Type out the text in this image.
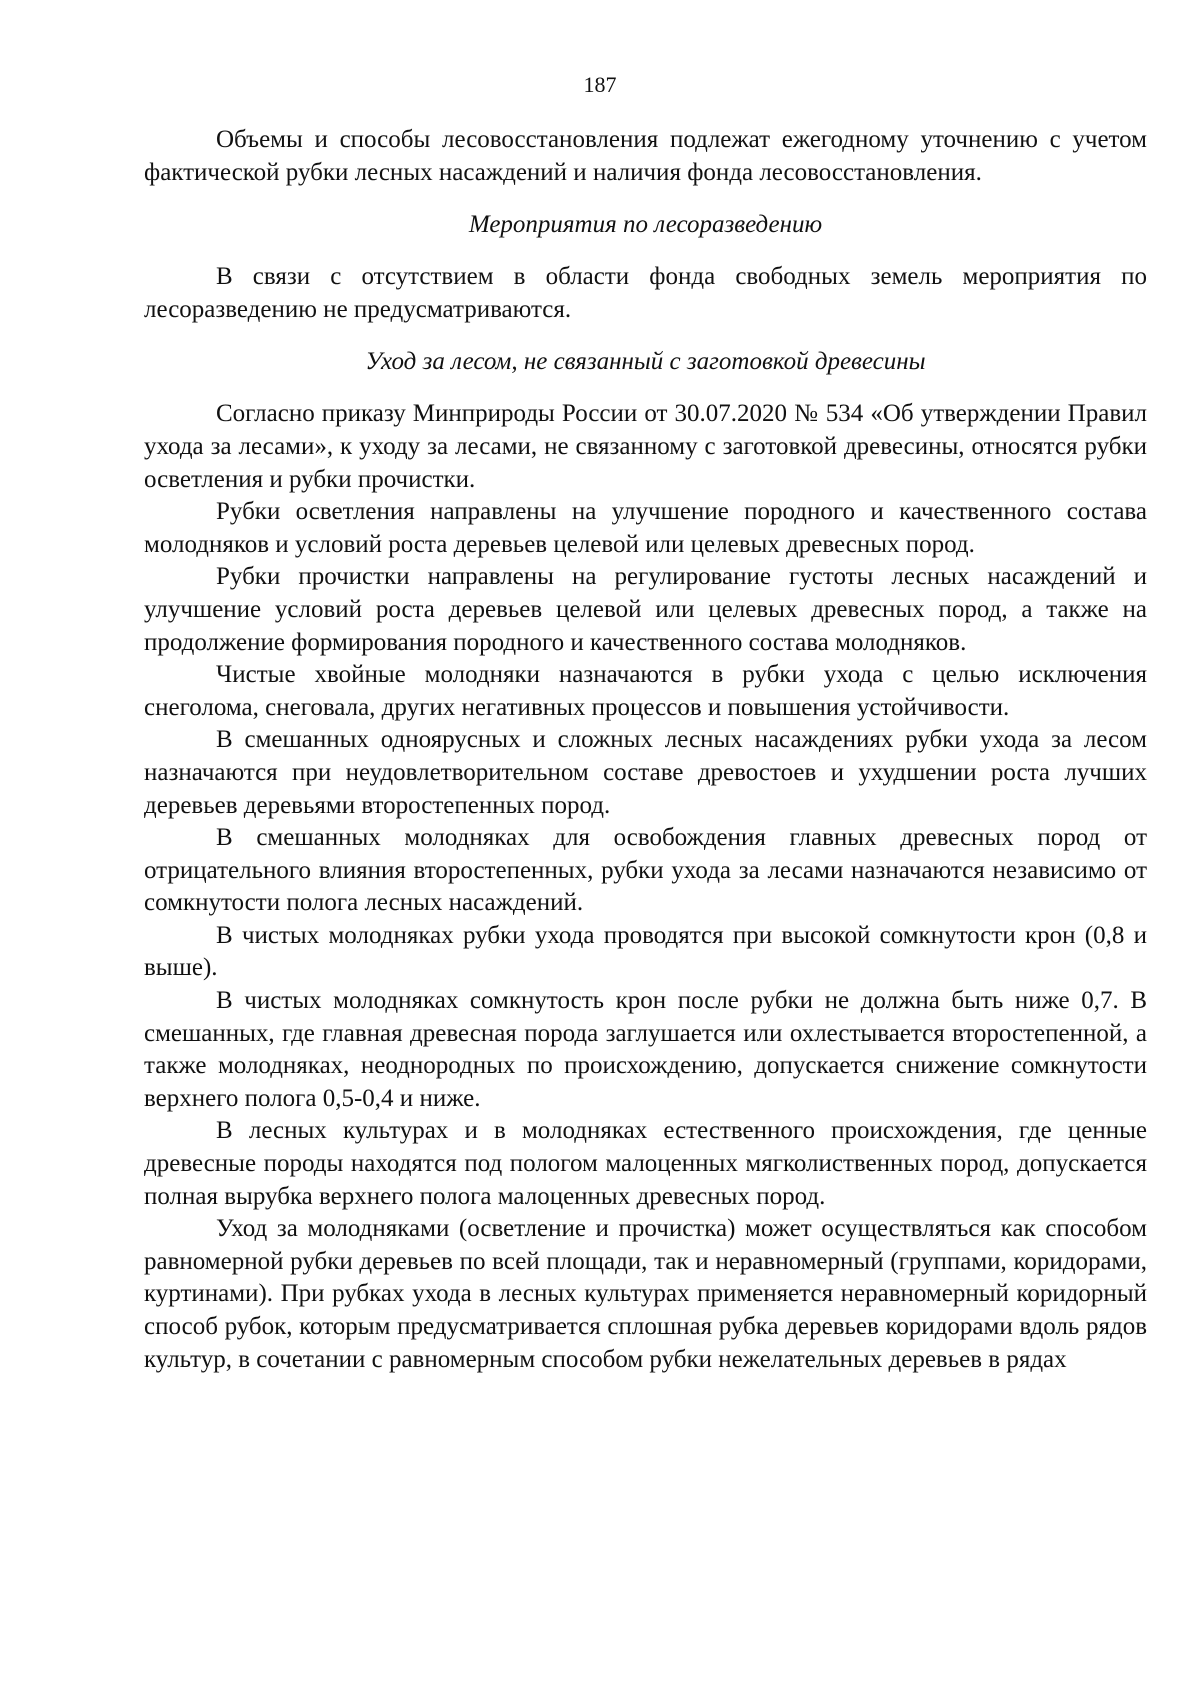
187

Объемы и способы лесовосстановления подлежат ежегодному уточнению с учетом фактической рубки лесных насаждений и наличия фонда лесовосстановления.

Мероприятия по лесоразведению

В связи с отсутствием в области фонда свободных земель мероприятия по лесоразведению не предусматриваются.

Уход за лесом, не связанный с заготовкой древесины

Согласно приказу Минприроды России от 30.07.2020 № 534 «Об утверждении Правил ухода за лесами», к уходу за лесами, не связанному с заготовкой древесины, относятся рубки осветления и рубки прочистки.

Рубки осветления направлены на улучшение породного и качественного состава молодняков и условий роста деревьев целевой или целевых древесных пород.

Рубки прочистки направлены на регулирование густоты лесных насаждений и улучшение условий роста деревьев целевой или целевых древесных пород, а также на продолжение формирования породного и качественного состава молодняков.

Чистые хвойные молодняки назначаются в рубки ухода с целью исключения снеголома, снеговала, других негативных процессов и повышения устойчивости.

В смешанных одноярусных и сложных лесных насаждениях рубки ухода за лесом назначаются при неудовлетворительном составе древостоев и ухудшении роста лучших деревьев деревьями второстепенных пород.

В смешанных молодняках для освобождения главных древесных пород от отрицательного влияния второстепенных, рубки ухода за лесами назначаются независимо от сомкнутости полога лесных насаждений.

В чистых молодняках рубки ухода проводятся при высокой сомкнутости крон (0,8 и выше).

В чистых молодняках сомкнутость крон после рубки не должна быть ниже 0,7. В смешанных, где главная древесная порода заглушается или охлестывается второстепенной, а также молодняках, неоднородных по происхождению, допускается снижение сомкнутости верхнего полога 0,5-0,4 и ниже.

В лесных культурах и в молодняках естественного происхождения, где ценные древесные породы находятся под пологом малоценных мягколиственных пород, допускается полная вырубка верхнего полога малоценных древесных пород.

Уход за молодняками (осветление и прочистка) может осуществляться как способом равномерной рубки деревьев по всей площади, так и неравномерный (группами, коридорами, куртинами). При рубках ухода в лесных культурах применяется неравномерный коридорный способ рубок, которым предусматривается сплошная рубка деревьев коридорами вдоль рядов культур, в сочетании с равномерным способом рубки нежелательных деревьев в рядах
